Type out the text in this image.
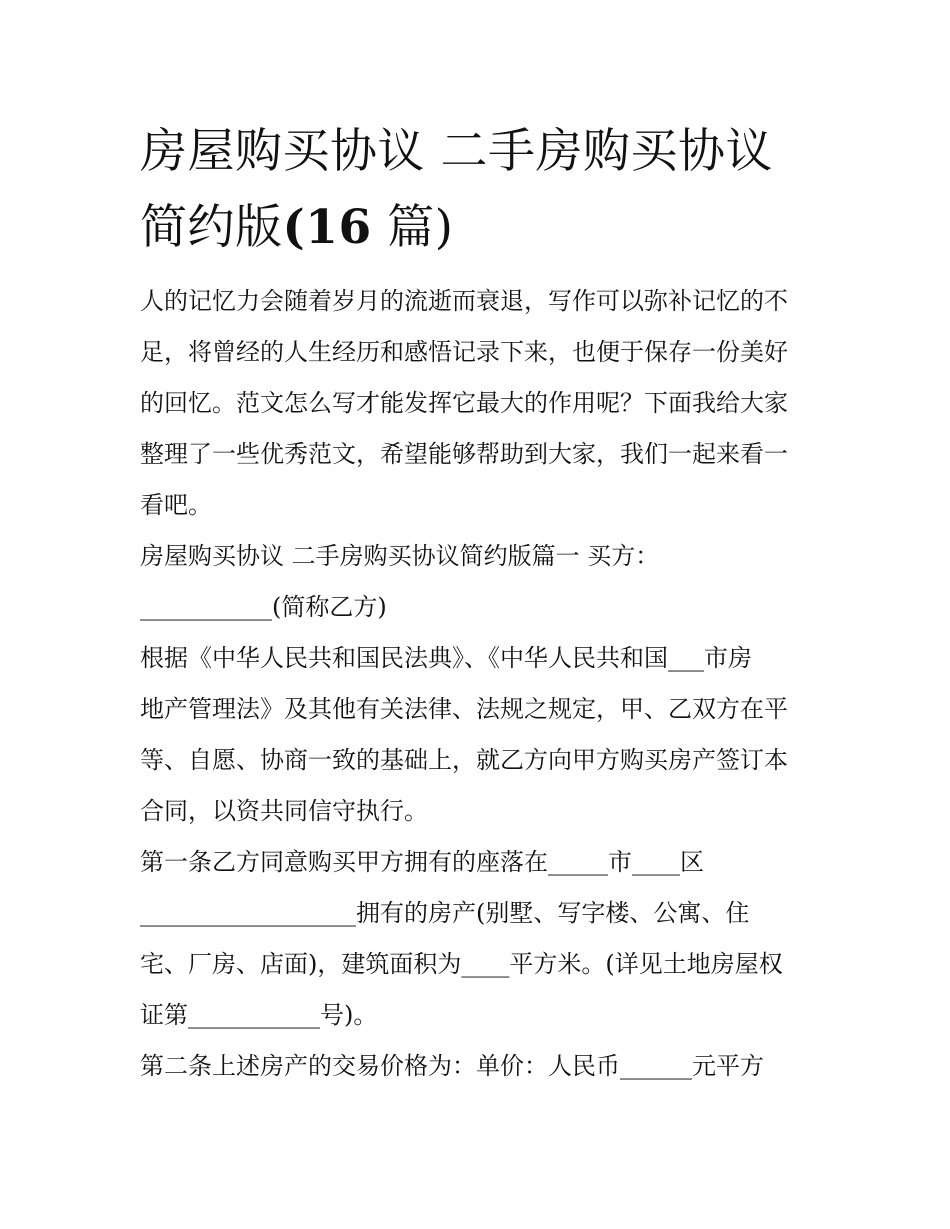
房屋购买协议 二手房购买协议
简约版(16 篇)
人的记忆力会随着岁月的流逝而衰退，写作可以弥补记忆的不
足，将曾经的人生经历和感悟记录下来，也便于保存一份美好
的回忆。范文怎么写才能发挥它最大的作用呢？下面我给大家
整理了一些优秀范文，希望能够帮助到大家，我们一起来看一
看吧。
房屋购买协议 二手房购买协议简约版篇一 买方：
___________(简称乙方)
根据《中华人民共和国民法典》、《中华人民共和国___市房
地产管理法》及其他有关法律、法规之规定，甲、乙双方在平
等、自愿、协商一致的基础上，就乙方向甲方购买房产签订本
合同，以资共同信守执行。
第一条乙方同意购买甲方拥有的座落在_____市____区
__________________拥有的房产(别墅、写字楼、公寓、住
宅、厂房、店面)，建筑面积为____平方米。(详见土地房屋权
证第___________号)。
第二条上述房产的交易价格为：单价：人民币______元平方
